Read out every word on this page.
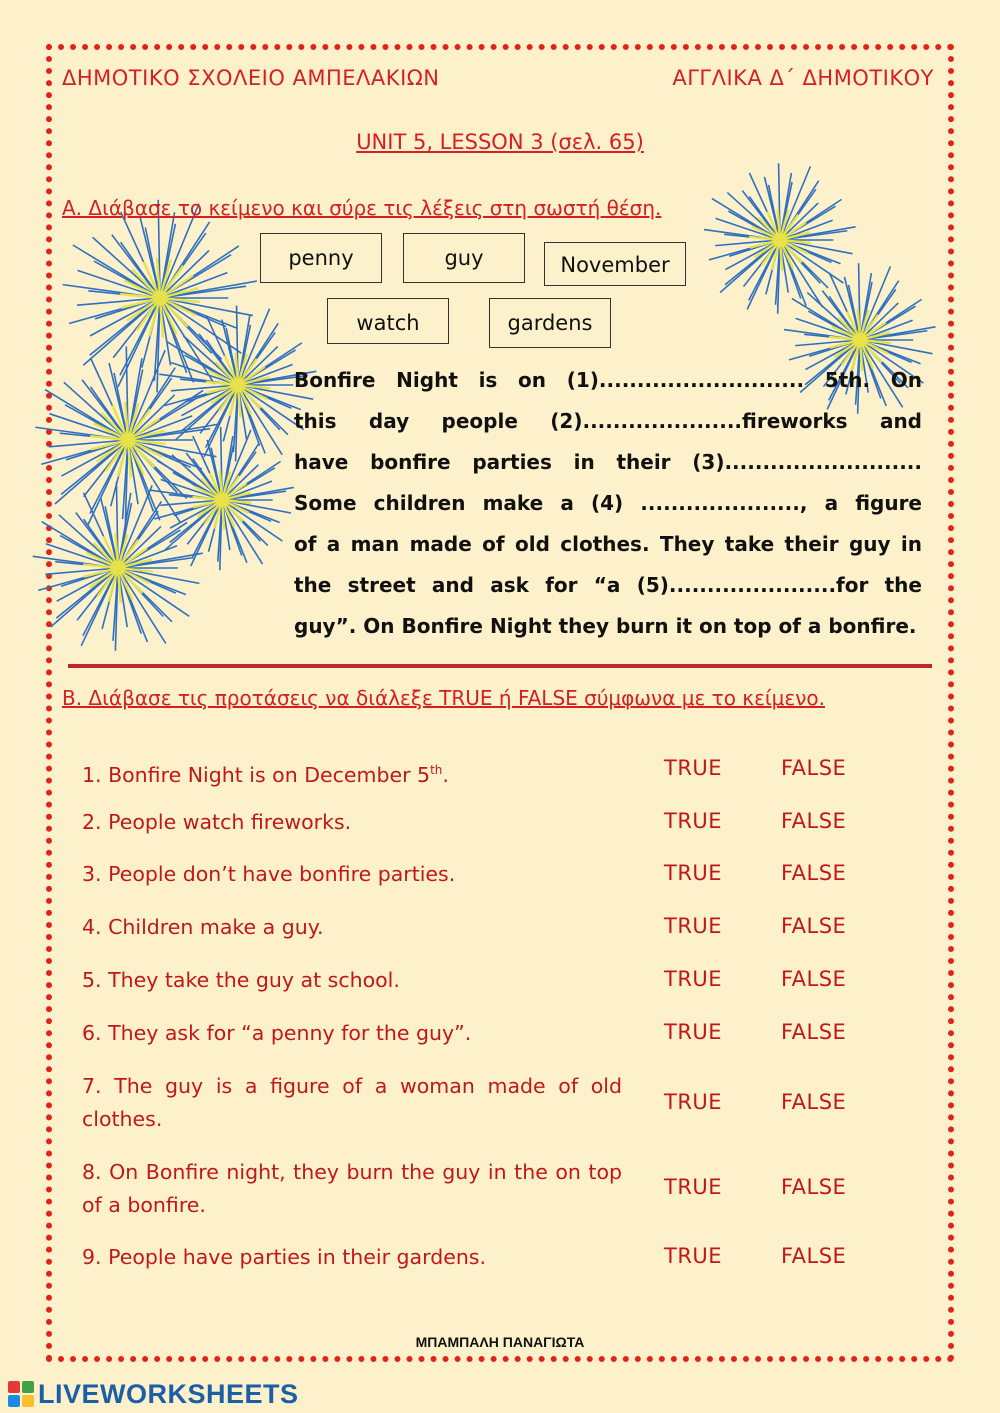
ΔΗΜΟΤΙΚΟ ΣΧΟΛΕΙΟ ΑΜΠΕΛΑΚΙΩΝ	ΑΓΓΛΙΚΑ Δ΄ ΔΗΜΟΤΙΚΟΥ
UNIT 5, LESSON 3 (σελ. 65)
Α. Διάβασε το κείμενο και σύρε τις λέξεις στη σωστή θέση.
penny	guy	November
watch	gardens
Bonfire Night is on (1)........................... 5th. On
this day people (2).....................fireworks and
have bonfire parties in their (3)..........................
Some children make a (4) ....................., a figure
of a man made of old clothes. They take their guy in
the street and ask for “a (5)......................for the
guy”. On Bonfire Night they burn it on top of a bonfire.
Β. Διάβασε τις προτάσεις να διάλεξε TRUE ή FALSE σύμφωνα με το κείμενο.
1. Bonfire Night is on December 5th.	TRUE	FALSE
2. People watch fireworks.	TRUE	FALSE
3. People don’t have bonfire parties.	TRUE	FALSE
4. Children make a guy.	TRUE	FALSE
5. They take the guy at school.	TRUE	FALSE
6. They ask for “a penny for the guy”.	TRUE	FALSE
7. The guy is a figure of a woman made of old clothes.
TRUE	FALSE
8. On Bonfire night, they burn the guy in the on top of a bonfire.
TRUE	FALSE
9. People have parties in their gardens.	TRUE	FALSE
ΜΠΑΜΠΑΛΗ ΠΑΝΑΓΙΩΤΑ
LIVEWORKSHEETS
